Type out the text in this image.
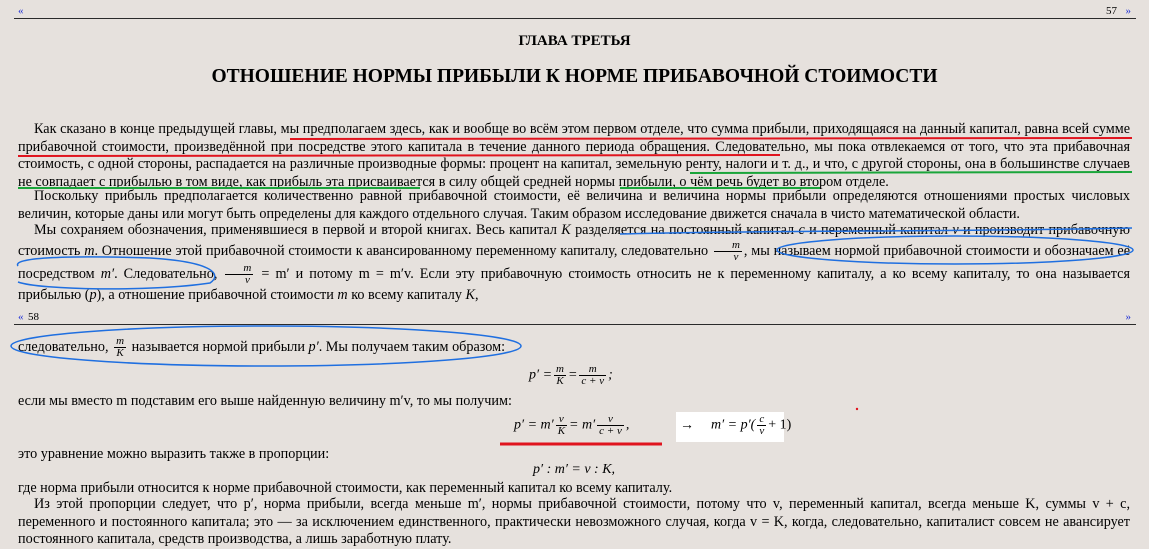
«	57 »
ГЛАВА ТРЕТЬЯ
ОТНОШЕНИЕ НОРМЫ ПРИБЫЛИ К НОРМЕ ПРИБАВОЧНОЙ СТОИМОСТИ
Как сказано в конце предыдущей главы, мы предполагаем здесь, как и вообще во всём этом первом отделе, что сумма прибыли, приходящаяся на данный капитал, равна всей сумме прибавочной стоимости, произведённой при посредстве этого капитала в течение данного периода обращения. Следовательно, мы пока отвлекаемся от того, что эта прибавочная стоимость, с одной стороны, распадается на различные производные формы: процент на капитал, земельную ренту, налоги и т. д., и что, с другой стороны, она в большинстве случаев не совпадает с прибылью в том виде, как прибыль эта присваивается в силу общей средней нормы прибыли, о чём речь будет во втором отделе.
Поскольку прибыль предполагается количественно равной прибавочной стоимости, её величина и величина нормы прибыли определяются отношениями простых числовых величин, которые даны или могут быть определены для каждого отдельного случая. Таким образом исследование движется сначала в чисто математической области.
Мы сохраняем обозначения, применявшиеся в первой и второй книгах. Весь капитал K разделяется на постоянный капитал c и переменный капитал v и производит прибавочную стоимость m. Отношение этой прибавочной стоимости к авансированному переменному капиталу, следовательно $\frac{m}{v}$ , мы называем нормой прибавочной стоимости и обозначаем её посредством m′. Следовательно, $\frac{m}{v} = m'$ и потому m = m′v. Если эту прибавочную стоимость относить не к переменному капиталу, а ко всему капиталу, то она называется прибылью (p), а отношение прибавочной стоимости m ко всему капиталу K,
« 58	»
следовательно, $\frac{m}{K}$ называется нормой прибыли p′. Мы получаем таким образом:
$p' = \frac{m}{K} = \frac{m}{c + v}$ ;
если мы вместо m подставим его выше найденную величину m′v, то мы получим:
$p' = m' \frac{v}{K} = m' \frac{v}{c + v}$ ,	→ $m' = p'( \frac{c}{v} + 1)$
это уравнение можно выразить также в пропорции:
p′ : m′ = v : K,
где норма прибыли относится к норме прибавочной стоимости, как переменный капитал ко всему капиталу.
Из этой пропорции следует, что p′, норма прибыли, всегда меньше m′, нормы прибавочной стоимости, потому что v, переменный капитал, всегда меньше K, суммы v + c, переменного и постоянного капитала; это — за исключением единственного, практически невозможного случая, когда v = K, когда, следовательно, капиталист совсем не авансирует постоянного капитала, средств производства, а лишь заработную плату.
